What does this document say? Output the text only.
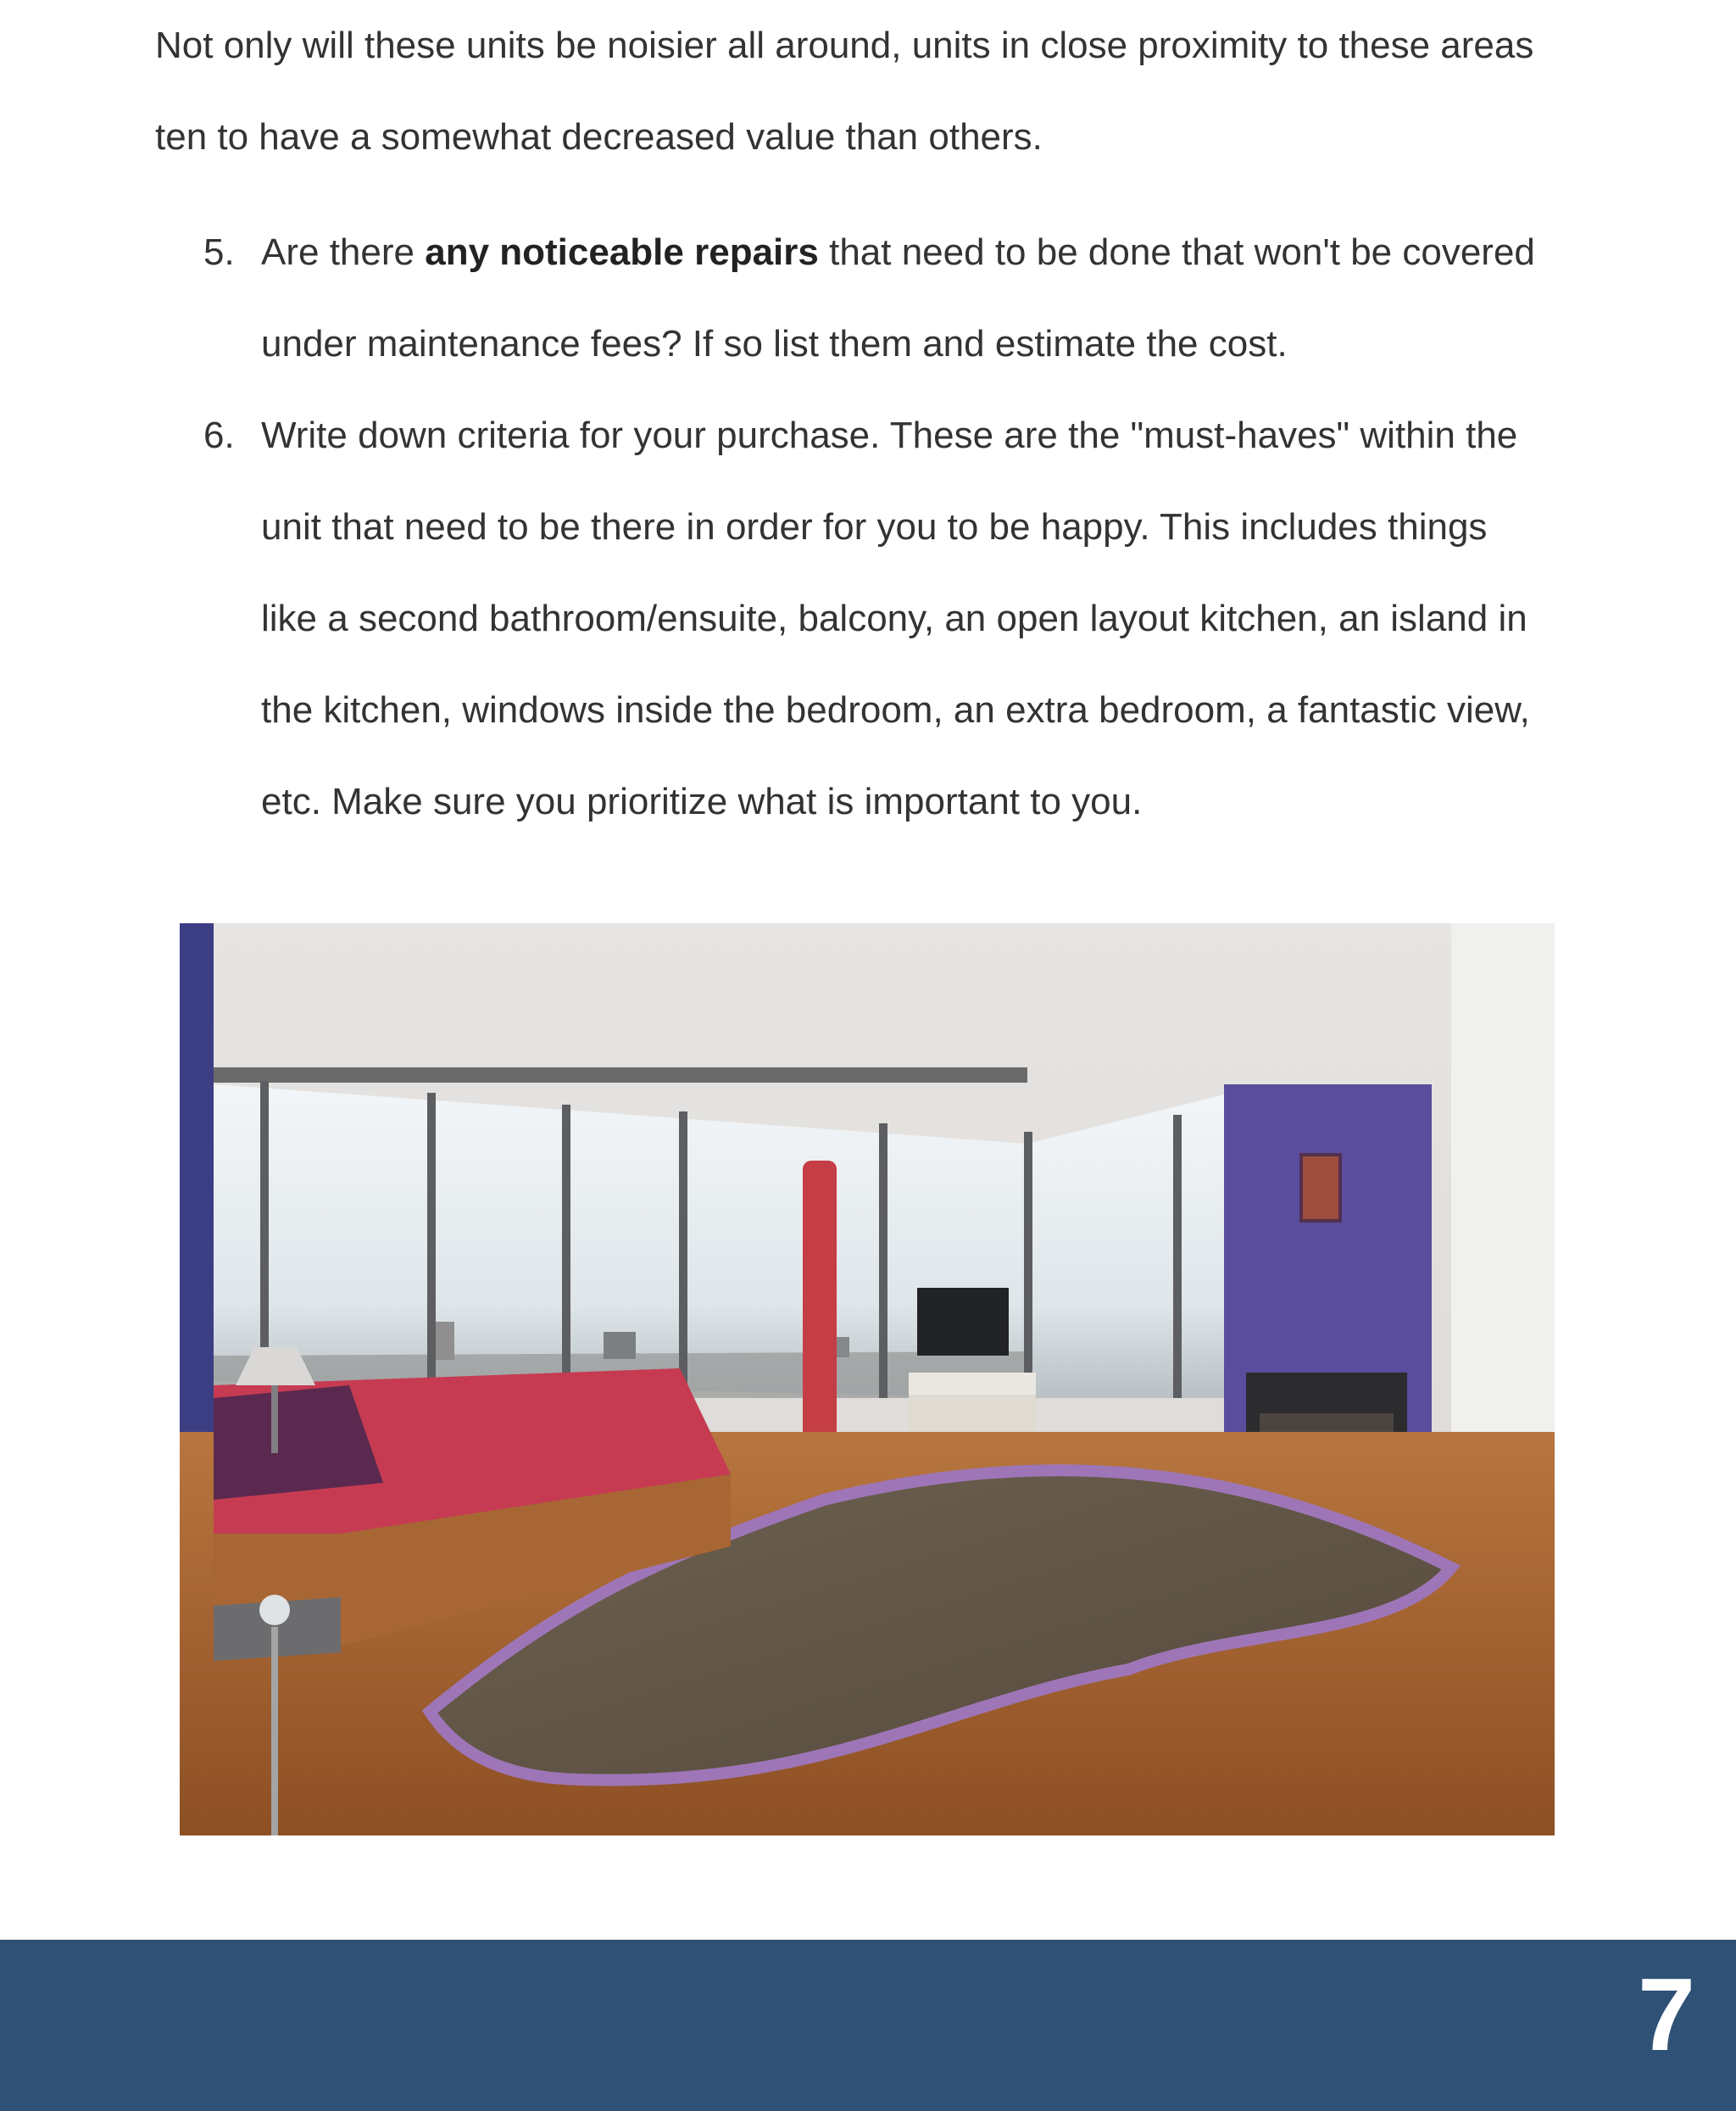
Not only will these units be noisier all around, units in close proximity to these areas

ten to have a somewhat decreased value than others.

5. Are there any noticeable repairs that need to be done that won't be covered
under maintenance fees? If so list them and estimate the cost.
6. Write down criteria for your purchase. These are the "must-haves" within the
unit that need to be there in order for you to be happy. This includes things
like a second bathroom/ensuite, balcony, an open layout kitchen, an island in
the kitchen, windows inside the bedroom, an extra bedroom, a fantastic view,
etc. Make sure you prioritize what is important to you.
7
